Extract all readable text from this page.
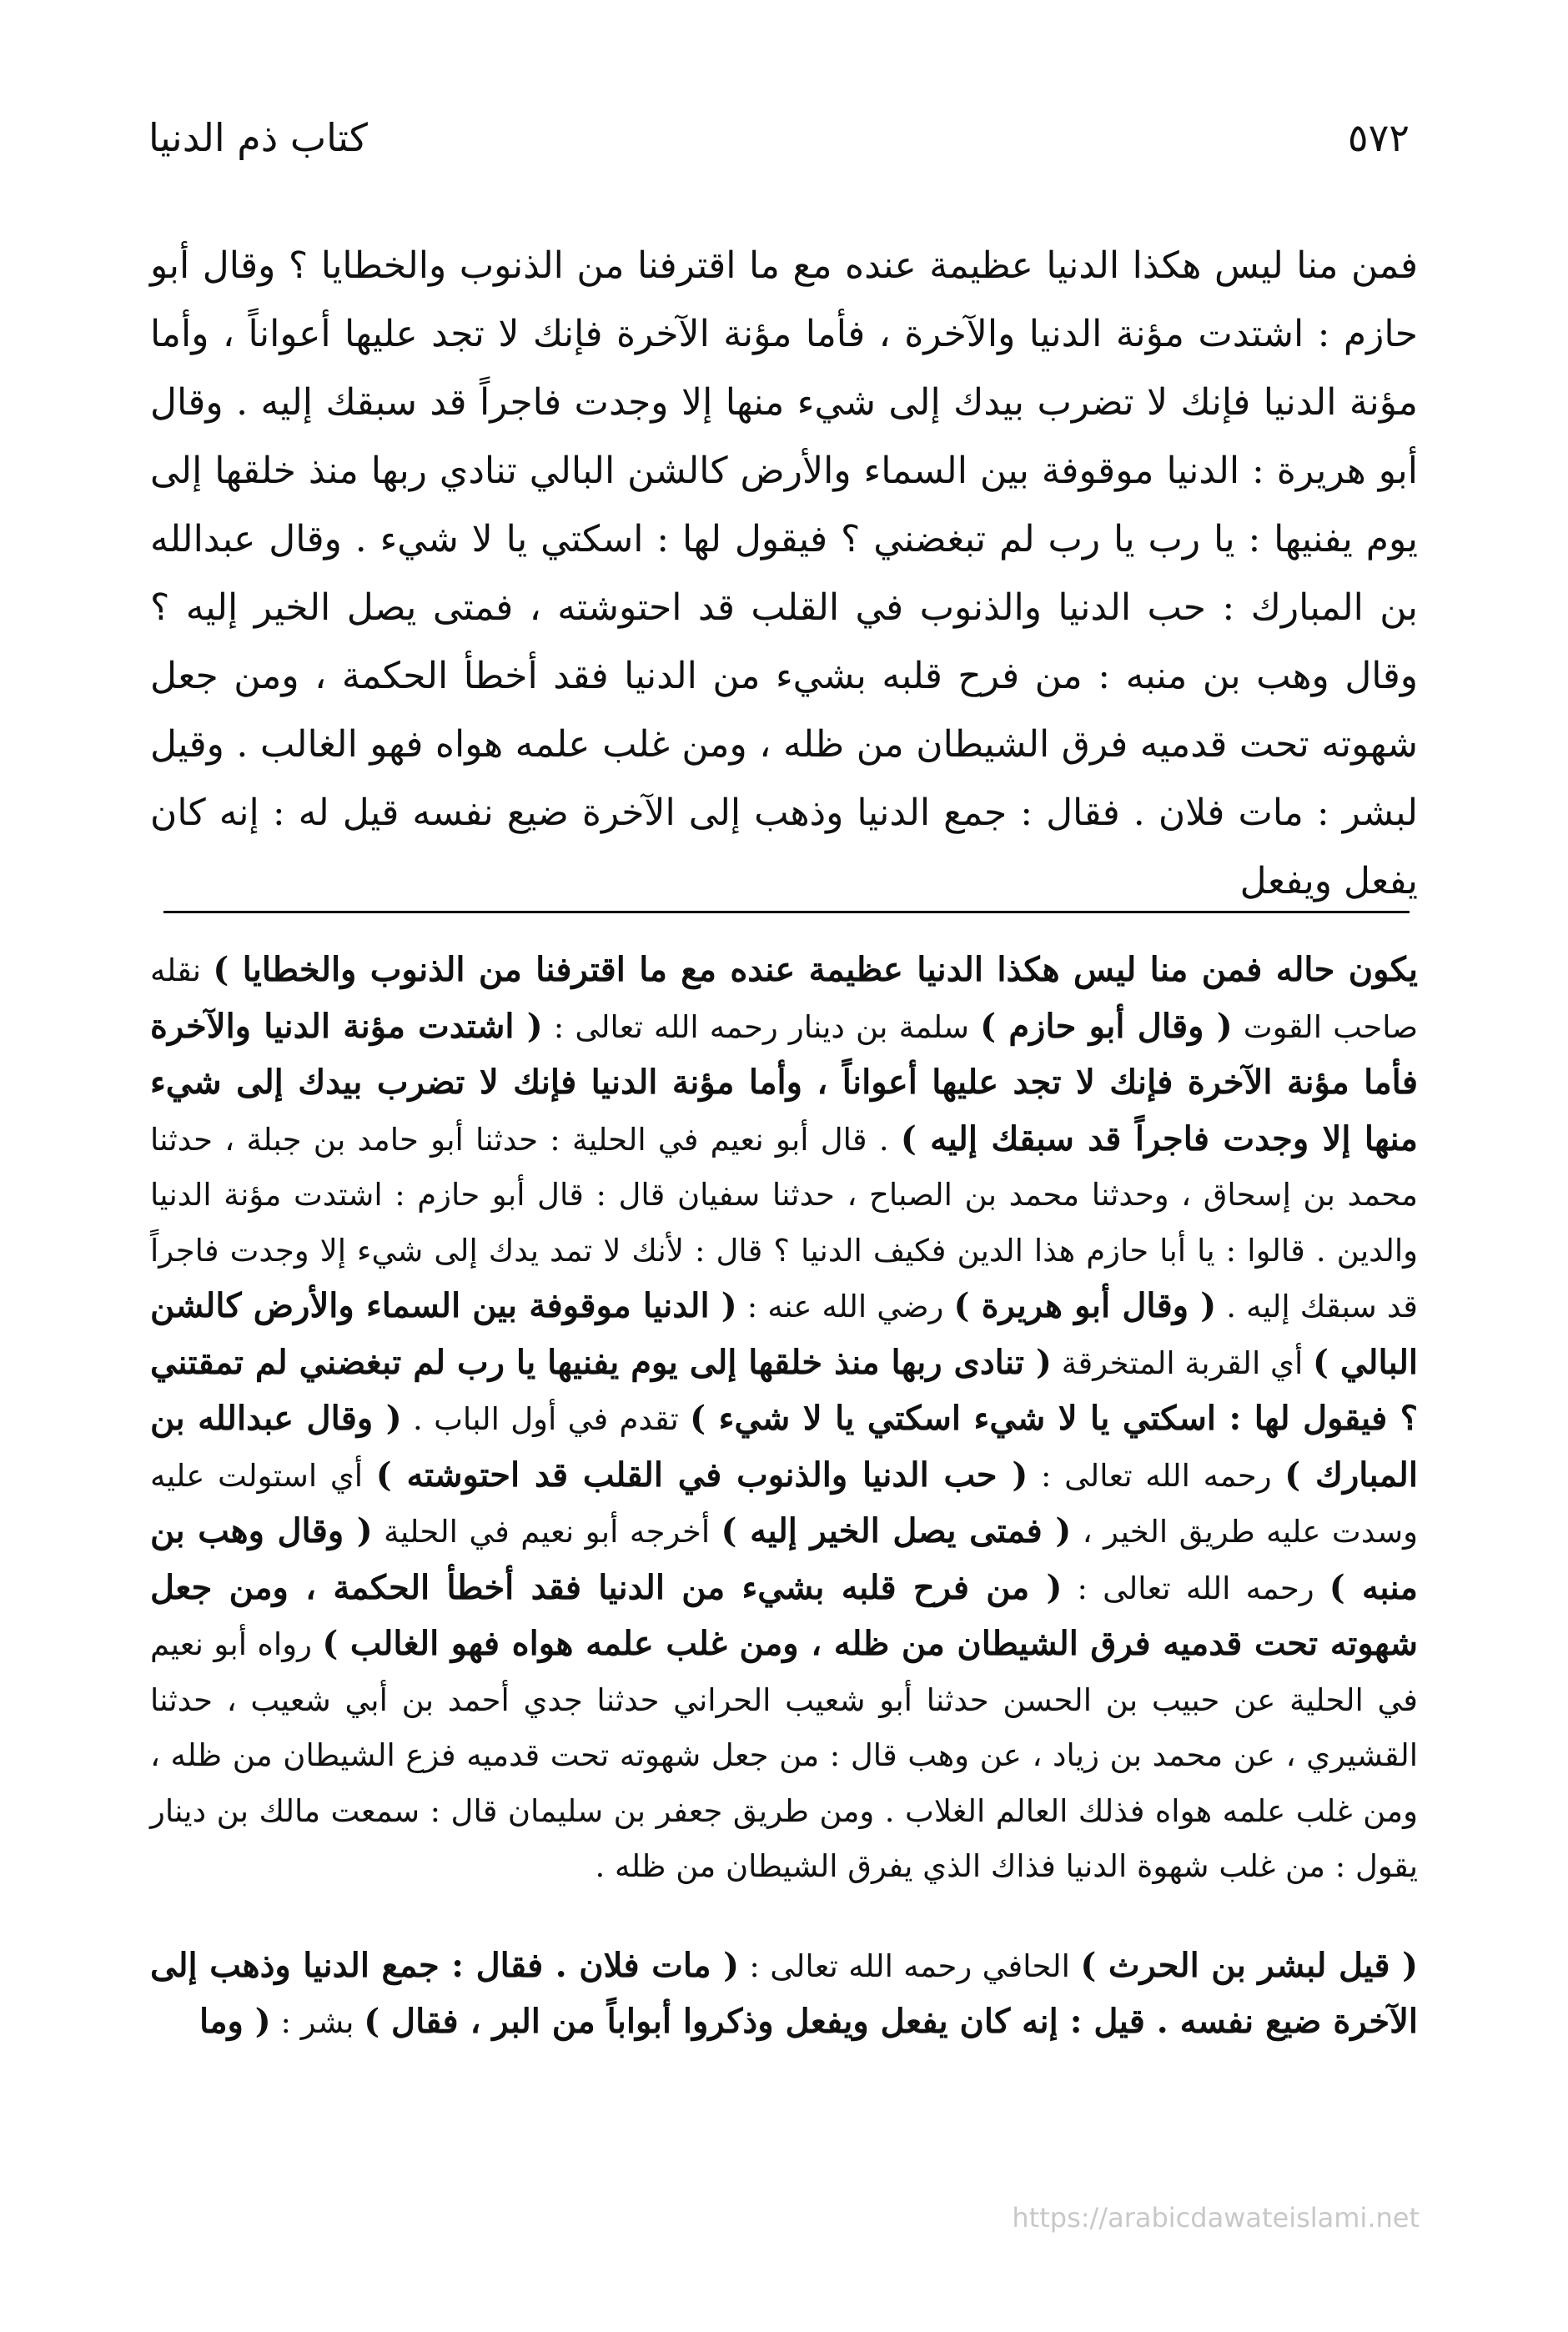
٥٧٢
كتاب ذم الدنيا

فمن منا ليس هكذا الدنيا عظيمة عنده مع ما اقترفنا من الذنوب والخطايا ؟ وقال أبو حازم : اشتدت مؤنة الدنيا والآخرة ، فأما مؤنة الآخرة فإنك لا تجد عليها أعواناً ، وأما مؤنة الدنيا فإنك لا تضرب بيدك إلى شيء منها إلا وجدت فاجراً قد سبقك إليه . وقال أبو هريرة : الدنيا موقوفة بين السماء والأرض كالشن البالي تنادي ربها منذ خلقها إلى يوم يفنيها : يا رب يا رب لم تبغضني ؟ فيقول لها : اسكتي يا لا شيء . وقال عبدالله بن المبارك : حب الدنيا والذنوب في القلب قد احتوشته ، فمتى يصل الخير إليه ؟ وقال وهب بن منبه : من فرح قلبه بشيء من الدنيا فقد أخطأ الحكمة ، ومن جعل شهوته تحت قدميه فرق الشيطان من ظله ، ومن غلب علمه هواه فهو الغالب . وقيل لبشر : مات فلان . فقال : جمع الدنيا وذهب إلى الآخرة ضيع نفسه قيل له : إنه كان يفعل ويفعل

يكون حاله فمن منا ليس هكذا الدنيا عظيمة عنده مع ما اقترفنا من الذنوب والخطايا ) نقله صاحب القوت ( وقال أبو حازم ) سلمة بن دينار رحمه الله تعالى : ( اشتدت مؤنة الدنيا والآخرة فأما مؤنة الآخرة فإنك لا تجد عليها أعواناً ، وأما مؤنة الدنيا فإنك لا تضرب بيدك إلى شيء منها إلا وجدت فاجراً قد سبقك إليه ) . قال أبو نعيم في الحلية : حدثنا أبو حامد بن جبلة ، حدثنا محمد بن إسحاق ، وحدثنا محمد بن الصباح ، حدثنا سفيان قال : قال أبو حازم : اشتدت مؤنة الدنيا والدين . قالوا : يا أبا حازم هذا الدين فكيف الدنيا ؟ قال : لأنك لا تمد يدك إلى شيء إلا وجدت فاجراً قد سبقك إليه . ( وقال أبو هريرة ) رضي الله عنه : ( الدنيا موقوفة بين السماء والأرض كالشن البالي ) أي القربة المتخرقة ( تنادى ربها منذ خلقها إلى يوم يفنيها يا رب لم تبغضني لم تمقتني ؟ فيقول لها : اسكتي يا لا شيء اسكتي يا لا شيء ) تقدم في أول الباب . ( وقال عبدالله بن المبارك ) رحمه الله تعالى : ( حب الدنيا والذنوب في القلب قد احتوشته ) أي استولت عليه وسدت عليه طريق الخير ، ( فمتى يصل الخير إليه ) أخرجه أبو نعيم في الحلية ( وقال وهب بن منبه ) رحمه الله تعالى : ( من فرح قلبه بشيء من الدنيا فقد أخطأ الحكمة ، ومن جعل شهوته تحت قدميه فرق الشيطان من ظله ، ومن غلب علمه هواه فهو الغالب ) رواه أبو نعيم في الحلية عن حبيب بن الحسن حدثنا أبو شعيب الحراني حدثنا جدي أحمد بن أبي شعيب ، حدثنا القشيري ، عن محمد بن زياد ، عن وهب قال : من جعل شهوته تحت قدميه فزع الشيطان من ظله ، ومن غلب علمه هواه فذلك العالم الغلاب . ومن طريق جعفر بن سليمان قال : سمعت مالك بن دينار يقول : من غلب شهوة الدنيا فذاك الذي يفرق الشيطان من ظله .

( قيل لبشر بن الحرث ) الحافي رحمه الله تعالى : ( مات فلان . فقال : جمع الدنيا وذهب إلى الآخرة ضيع نفسه . قيل : إنه كان يفعل ويفعل وذكروا أبواباً من البر ، فقال ) بشر : ( وما

https://arabicdawateislami.net
